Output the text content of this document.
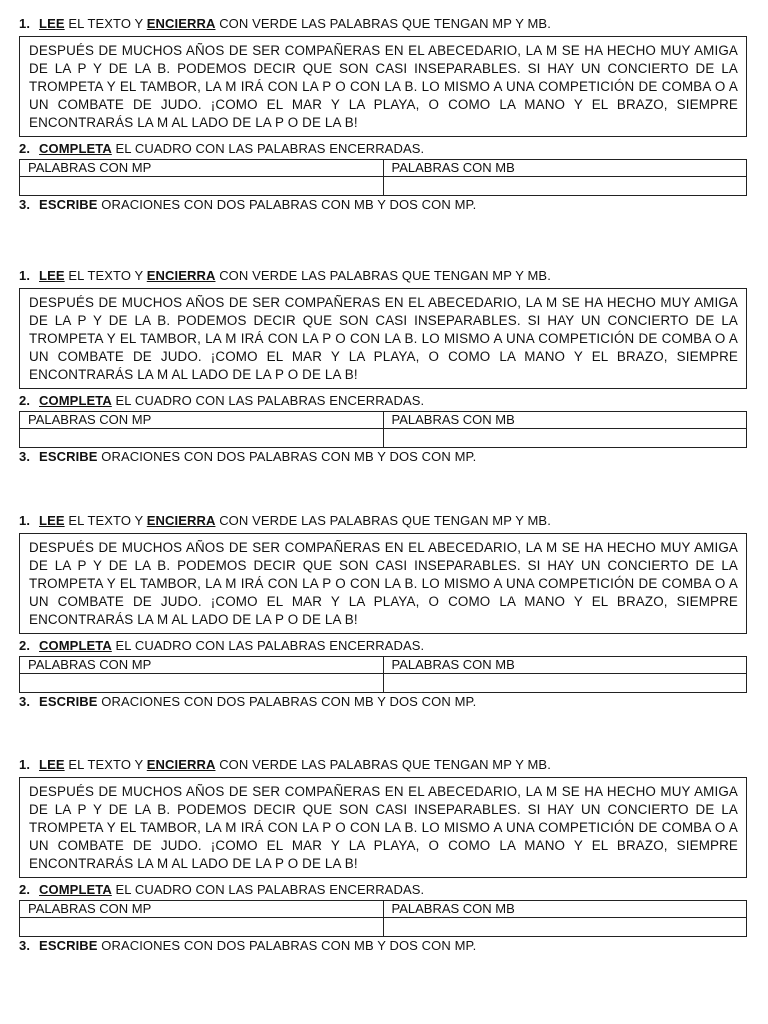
1. LEE EL TEXTO Y ENCIERRA CON VERDE LAS PALABRAS QUE TENGAN MP Y MB.
DESPUÉS DE MUCHOS AÑOS DE SER COMPAÑERAS EN EL ABECEDARIO, LA M SE HA HECHO MUY AMIGA DE LA P Y DE LA B. PODEMOS DECIR QUE SON CASI INSEPARABLES. SI HAY UN CONCIERTO DE LA TROMPETA Y EL TAMBOR, LA M IRÁ CON LA P O CON LA B. LO MISMO A UNA COMPETICIÓN DE COMBA O A UN COMBATE DE JUDO. ¡COMO EL MAR Y LA PLAYA, O COMO LA MANO Y EL BRAZO, SIEMPRE ENCONTRARÁS LA M AL LADO DE LA P O DE LA B!
2. COMPLETA EL CUADRO CON LAS PALABRAS ENCERRADAS.
PALABRAS CON MP	PALABRAS CON MB

3. ESCRIBE ORACIONES CON DOS PALABRAS CON MB Y DOS CON MP.
1. LEE EL TEXTO Y ENCIERRA CON VERDE LAS PALABRAS QUE TENGAN MP Y MB.
DESPUÉS DE MUCHOS AÑOS DE SER COMPAÑERAS EN EL ABECEDARIO, LA M SE HA HECHO MUY AMIGA DE LA P Y DE LA B. PODEMOS DECIR QUE SON CASI INSEPARABLES. SI HAY UN CONCIERTO DE LA TROMPETA Y EL TAMBOR, LA M IRÁ CON LA P O CON LA B. LO MISMO A UNA COMPETICIÓN DE COMBA O A UN COMBATE DE JUDO. ¡COMO EL MAR Y LA PLAYA, O COMO LA MANO Y EL BRAZO, SIEMPRE ENCONTRARÁS LA M AL LADO DE LA P O DE LA B!
2. COMPLETA EL CUADRO CON LAS PALABRAS ENCERRADAS.
PALABRAS CON MP	PALABRAS CON MB

3. ESCRIBE ORACIONES CON DOS PALABRAS CON MB Y DOS CON MP.
1. LEE EL TEXTO Y ENCIERRA CON VERDE LAS PALABRAS QUE TENGAN MP Y MB.
DESPUÉS DE MUCHOS AÑOS DE SER COMPAÑERAS EN EL ABECEDARIO, LA M SE HA HECHO MUY AMIGA DE LA P Y DE LA B. PODEMOS DECIR QUE SON CASI INSEPARABLES. SI HAY UN CONCIERTO DE LA TROMPETA Y EL TAMBOR, LA M IRÁ CON LA P O CON LA B. LO MISMO A UNA COMPETICIÓN DE COMBA O A UN COMBATE DE JUDO. ¡COMO EL MAR Y LA PLAYA, O COMO LA MANO Y EL BRAZO, SIEMPRE ENCONTRARÁS LA M AL LADO DE LA P O DE LA B!
2. COMPLETA EL CUADRO CON LAS PALABRAS ENCERRADAS.
PALABRAS CON MP	PALABRAS CON MB

3. ESCRIBE ORACIONES CON DOS PALABRAS CON MB Y DOS CON MP.
1. LEE EL TEXTO Y ENCIERRA CON VERDE LAS PALABRAS QUE TENGAN MP Y MB.
DESPUÉS DE MUCHOS AÑOS DE SER COMPAÑERAS EN EL ABECEDARIO, LA M SE HA HECHO MUY AMIGA DE LA P Y DE LA B. PODEMOS DECIR QUE SON CASI INSEPARABLES. SI HAY UN CONCIERTO DE LA TROMPETA Y EL TAMBOR, LA M IRÁ CON LA P O CON LA B. LO MISMO A UNA COMPETICIÓN DE COMBA O A UN COMBATE DE JUDO. ¡COMO EL MAR Y LA PLAYA, O COMO LA MANO Y EL BRAZO, SIEMPRE ENCONTRARÁS LA M AL LADO DE LA P O DE LA B!
2. COMPLETA EL CUADRO CON LAS PALABRAS ENCERRADAS.
PALABRAS CON MP	PALABRAS CON MB

3. ESCRIBE ORACIONES CON DOS PALABRAS CON MB Y DOS CON MP.
